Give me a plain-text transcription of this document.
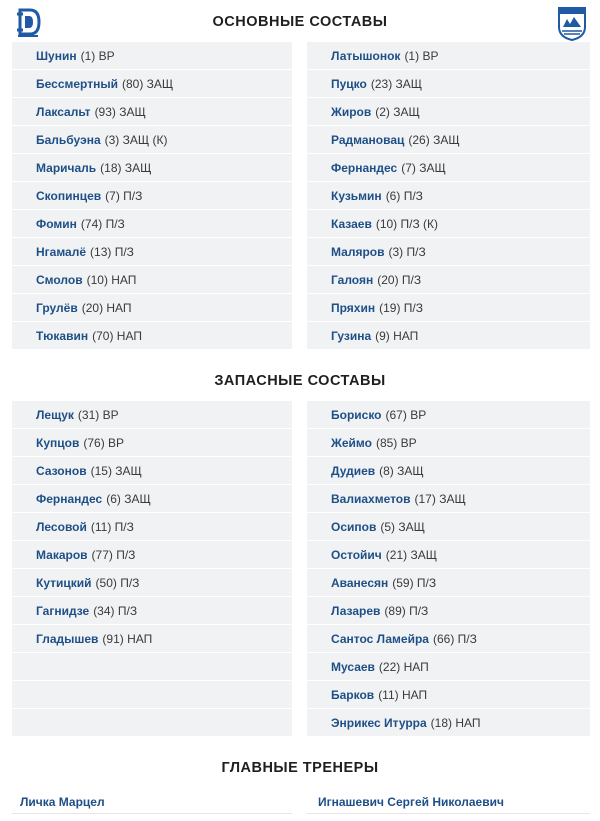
ОСНОВНЫЕ СОСТАВЫ
Шунин (1) ВР
Бессмертный (80) ЗАЩ
Лаксальт (93) ЗАЩ
Бальбуэна (3) ЗАЩ (К)
Маричаль (18) ЗАЩ
Скопинцев (7) П/З
Фомин (74) П/З
Нгамалё (13) П/З
Смолов (10) НАП
Грулёв (20) НАП
Тюкавин (70) НАП
Латышонок (1) ВР
Пуцко (23) ЗАЩ
Жиров (2) ЗАЩ
Радмановац (26) ЗАЩ
Фернандес (7) ЗАЩ
Кузьмин (6) П/З
Казаев (10) П/З (К)
Маляров (3) П/З
Галоян (20) П/З
Пряхин (19) П/З
Гузина (9) НАП
ЗАПАСНЫЕ СОСТАВЫ
Лещук (31) ВР
Купцов (76) ВР
Сазонов (15) ЗАЩ
Фернандес (6) ЗАЩ
Лесовой (11) П/З
Макаров (77) П/З
Кутицкий (50) П/З
Гагнидзе (34) П/З
Гладышев (91) НАП
Бориско (67) ВР
Жеймо (85) ВР
Дудиев (8) ЗАЩ
Валиахметов (17) ЗАЩ
Осипов (5) ЗАЩ
Остойич (21) ЗАЩ
Аванесян (59) П/З
Лазарев (89) П/З
Сантос Ламейра (66) П/З
Мусаев (22) НАП
Барков (11) НАП
Энрикес Итурра (18) НАП
ГЛАВНЫЕ ТРЕНЕРЫ
Личка Марцел	Игнашевич Сергей Николаевич
